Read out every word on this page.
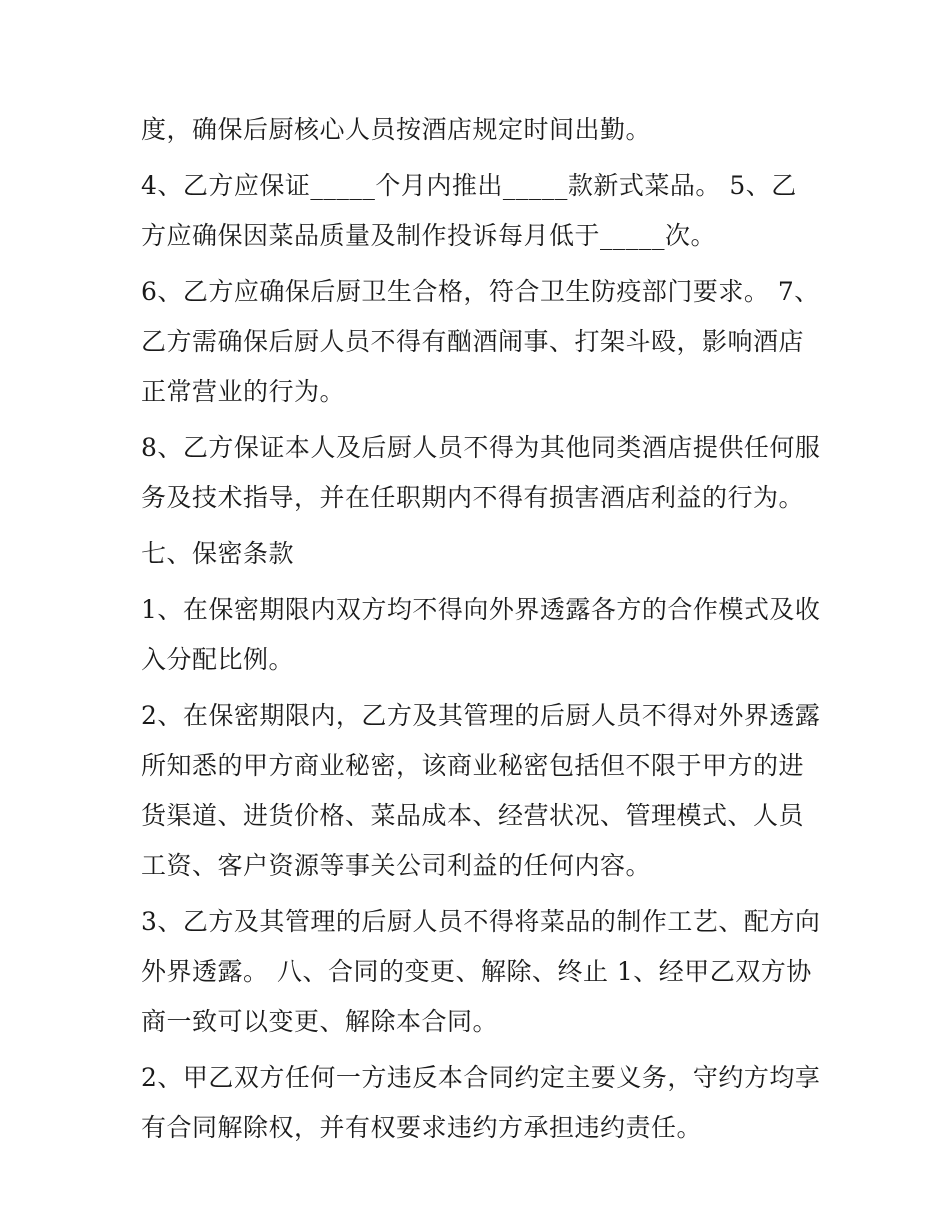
度，确保后厨核心人员按酒店规定时间出勤。

4、乙方应保证_____个月内推出_____款新式菜品。 5、乙方应确保因菜品质量及制作投诉每月低于_____次。

6、乙方应确保后厨卫生合格，符合卫生防疫部门要求。 7、乙方需确保后厨人员不得有酗酒闹事、打架斗殴，影响酒店正常营业的行为。

8、乙方保证本人及后厨人员不得为其他同类酒店提供任何服务及技术指导，并在任职期内不得有损害酒店利益的行为。

七、保密条款

1、在保密期限内双方均不得向外界透露各方的合作模式及收入分配比例。

2、在保密期限内，乙方及其管理的后厨人员不得对外界透露所知悉的甲方商业秘密，该商业秘密包括但不限于甲方的进货渠道、进货价格、菜品成本、经营状况、管理模式、人员工资、客户资源等事关公司利益的任何内容。

3、乙方及其管理的后厨人员不得将菜品的制作工艺、配方向外界透露。 八、合同的变更、解除、终止 1、经甲乙双方协商一致可以变更、解除本合同。

2、甲乙双方任何一方违反本合同约定主要义务，守约方均享有合同解除权，并有权要求违约方承担违约责任。
